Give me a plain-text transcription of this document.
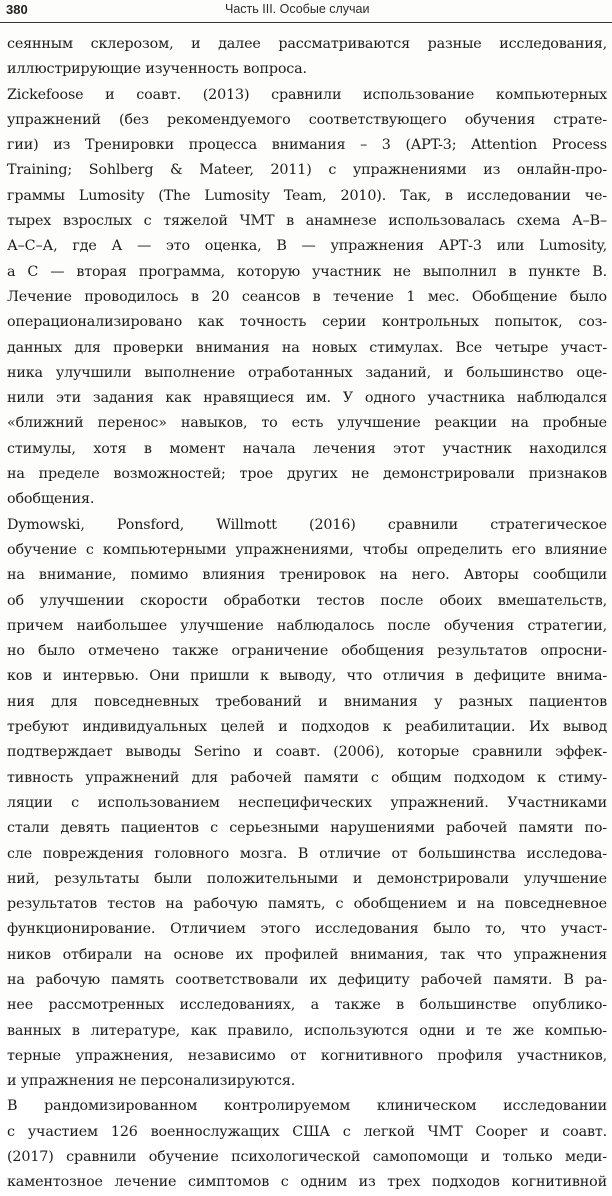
380	Часть III. Особые случаи
сеянным склерозом, и далее рассматриваются разные исследования,
иллюстрирующие изученность вопроса.
Zickefoose и соавт. (2013) сравнили использование компьютерных
упражнений (без рекомендуемого соответствующего обучения страте-
гии) из Тренировки процесса внимания – 3 (APT-3; Attention Process
Training; Sohlberg & Mateer, 2011) с упражнениями из онлайн-про-
граммы Lumosity (The Lumosity Team, 2010). Так, в исследовании че-
тырех взрослых с тяжелой ЧМТ в анамнезе использовалась схема А–В–
А–С–А, где А — это оценка, В — упражнения АРТ-3 или Lumosity,
а С — вторая программа, которую участник не выполнил в пункте В.
Лечение проводилось в 20 сеансов в течение 1 мес. Обобщение было
операционализировано как точность серии контрольных попыток, соз-
данных для проверки внимания на новых стимулах. Все четыре участ-
ника улучшили выполнение отработанных заданий, и большинство оце-
нили эти задания как нравящиеся им. У одного участника наблюдался
«ближний перенос» навыков, то есть улучшение реакции на пробные
стимулы, хотя в момент начала лечения этот участник находился
на пределе возможностей; трое других не демонстрировали признаков
обобщения.
Dymowski, Ponsford, Willmott (2016) сравнили стратегическое
обучение с компьютерными упражнениями, чтобы определить его влияние
на внимание, помимо влияния тренировок на него. Авторы сообщили
об улучшении скорости обработки тестов после обоих вмешательств,
причем наибольшее улучшение наблюдалось после обучения стратегии,
но было отмечено также ограничение обобщения результатов опросни-
ков и интервью. Они пришли к выводу, что отличия в дефиците внима-
ния для повседневных требований и внимания у разных пациентов
требуют индивидуальных целей и подходов к реабилитации. Их вывод
подтверждает выводы Serino и соавт. (2006), которые сравнили эффек-
тивность упражнений для рабочей памяти с общим подходом к стиму-
ляции с использованием неспецифических упражнений. Участниками
стали девять пациентов с серьезными нарушениями рабочей памяти по-
сле повреждения головного мозга. В отличие от большинства исследова-
ний, результаты были положительными и демонстрировали улучшение
результатов тестов на рабочую память, с обобщением и на повседневное
функционирование. Отличием этого исследования было то, что участ-
ников отбирали на основе их профилей внимания, так что упражнения
на рабочую память соответствовали их дефициту рабочей памяти. В ра-
нее рассмотренных исследованиях, а также в большинстве опублико-
ванных в литературе, как правило, используются одни и те же компью-
терные упражнения, независимо от когнитивного профиля участников,
и упражнения не персонализируются.
В рандомизированном контролируемом клиническом исследовании
с участием 126 военнослужащих США с легкой ЧМТ Cooper и соавт.
(2017) сравнили обучение психологической самопомощи и только меди-
каментозное лечение симптомов с одним из трех подходов когнитивной
